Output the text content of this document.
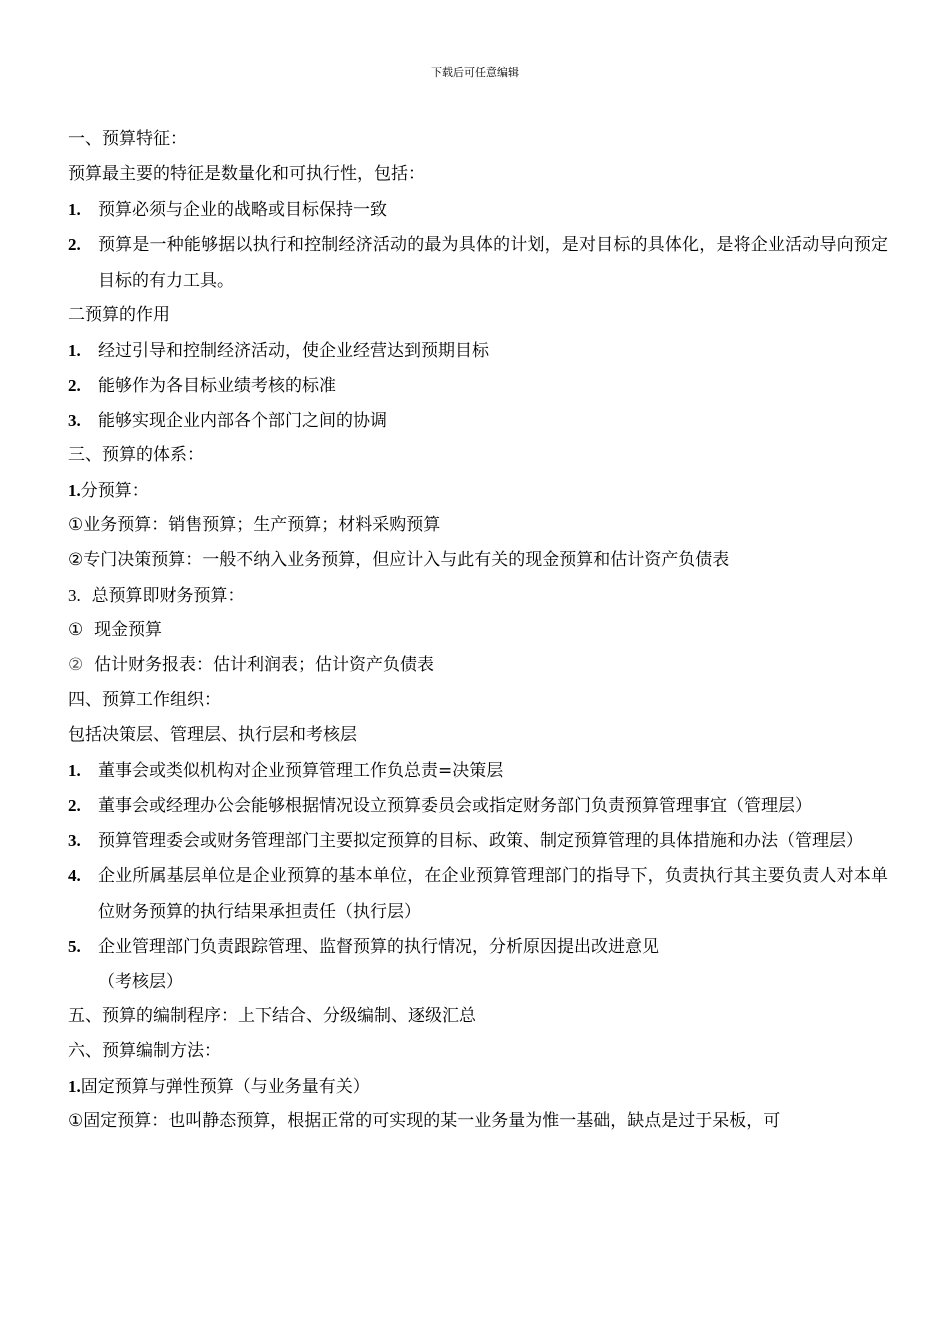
下载后可任意编辑
一、预算特征：
预算最主要的特征是数量化和可执行性，包括：
1.	预算必须与企业的战略或目标保持一致
2.	预算是一种能够据以执行和控制经济活动的最为具体的计划，是对目标的具体化，是将企业活动导向预定目标的有力工具。
二预算的作用
1.	经过引导和控制经济活动，使企业经营达到预期目标
2.	能够作为各目标业绩考核的标准
3.	能够实现企业内部各个部门之间的协调
三、预算的体系：
1.分预算：
①业务预算：销售预算；生产预算；材料采购预算
②专门决策预算：一般不纳入业务预算，但应计入与此有关的现金预算和估计资产负债表
3. 总预算即财务预算：
① 现金预算
② 估计财务报表：估计利润表；估计资产负债表
四、预算工作组织：
包括决策层、管理层、执行层和考核层
1.	董事会或类似机构对企业预算管理工作负总责=决策层
2.	董事会或经理办公会能够根据情况设立预算委员会或指定财务部门负责预算管理事宜（管理层）
3.	预算管理委会或财务管理部门主要拟定预算的目标、政策、制定预算管理的具体措施和办法（管理层）
4.	企业所属基层单位是企业预算的基本单位，在企业预算管理部门的指导下，负责执行其主要负责人对本单位财务预算的执行结果承担责任（执行层）
5.	企业管理部门负责跟踪管理、监督预算的执行情况，分析原因提出改进意见
（考核层）
五、预算的编制程序：上下结合、分级编制、逐级汇总
六、预算编制方法：
1.固定预算与弹性预算（与业务量有关）
①固定预算：也叫静态预算，根据正常的可实现的某一业务量为惟一基础，缺点是过于呆板，可
